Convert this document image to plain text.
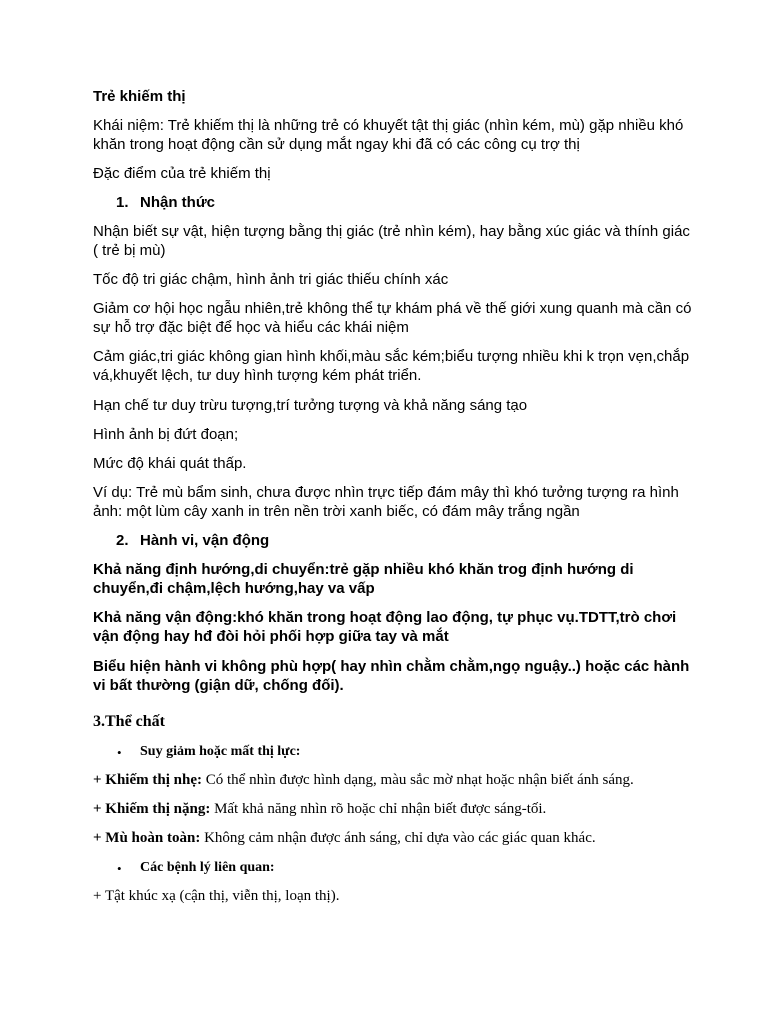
Trẻ khiếm thị

Khái niệm: Trẻ khiếm thị là những trẻ có khuyết tật thị giác (nhìn kém, mù) gặp nhiều khó khăn trong hoạt động cần sử dụng mắt ngay khi đã có các công cụ trợ thị

Đặc điểm của trẻ khiếm thị

1. Nhận thức

Nhận biết sự vật, hiện tượng bằng thị giác (trẻ nhìn kém), hay bằng xúc giác và thính giác ( trẻ bị mù)

Tốc độ tri giác chậm, hình ảnh tri giác thiếu chính xác

Giảm cơ hội học ngẫu nhiên,trẻ không thể tự khám phá về thế giới xung quanh mà cần có sự hỗ trợ đặc biệt để học và hiểu các khái niệm

Cảm giác,tri giác không gian hình khối,màu sắc kém;biểu tượng nhiều khi k trọn vẹn,chắp vá,khuyết lệch, tư duy hình tượng kém phát triển.

Hạn chế tư duy trừu tượng,trí tưởng tượng và khả năng sáng tạo

Hình ảnh bị đứt đoạn;

Mức độ khái quát thấp.

Ví dụ: Trẻ mù bẩm sinh, chưa được nhìn trực tiếp đám mây thì khó tưởng tượng ra hình ảnh: một lùm cây xanh in trên nền trời xanh biếc, có đám mây trắng ngần

2. Hành vi, vận động

Khả năng định hướng,di chuyển:trẻ gặp nhiều khó khăn trog định hướng di chuyển,đi chậm,lệch hướng,hay va vấp

Khả năng vận động:khó khăn trong hoạt động lao động, tự phục vụ.TDTT,trò chơi vận động hay hđ đòi hỏi phối hợp giữa tay và mắt

Biểu hiện hành vi không phù hợp( hay nhìn chằm chằm,ngọ nguậy..) hoặc các hành vi bất thường (giận dữ, chống đối).

3.Thể chất

• Suy giảm hoặc mất thị lực:

+ Khiếm thị nhẹ: Có thể nhìn được hình dạng, màu sắc mờ nhạt hoặc nhận biết ánh sáng.

+ Khiếm thị nặng: Mất khả năng nhìn rõ hoặc chỉ nhận biết được sáng-tối.

+ Mù hoàn toàn: Không cảm nhận được ánh sáng, chỉ dựa vào các giác quan khác.

• Các bệnh lý liên quan:

+ Tật khúc xạ (cận thị, viễn thị, loạn thị).
